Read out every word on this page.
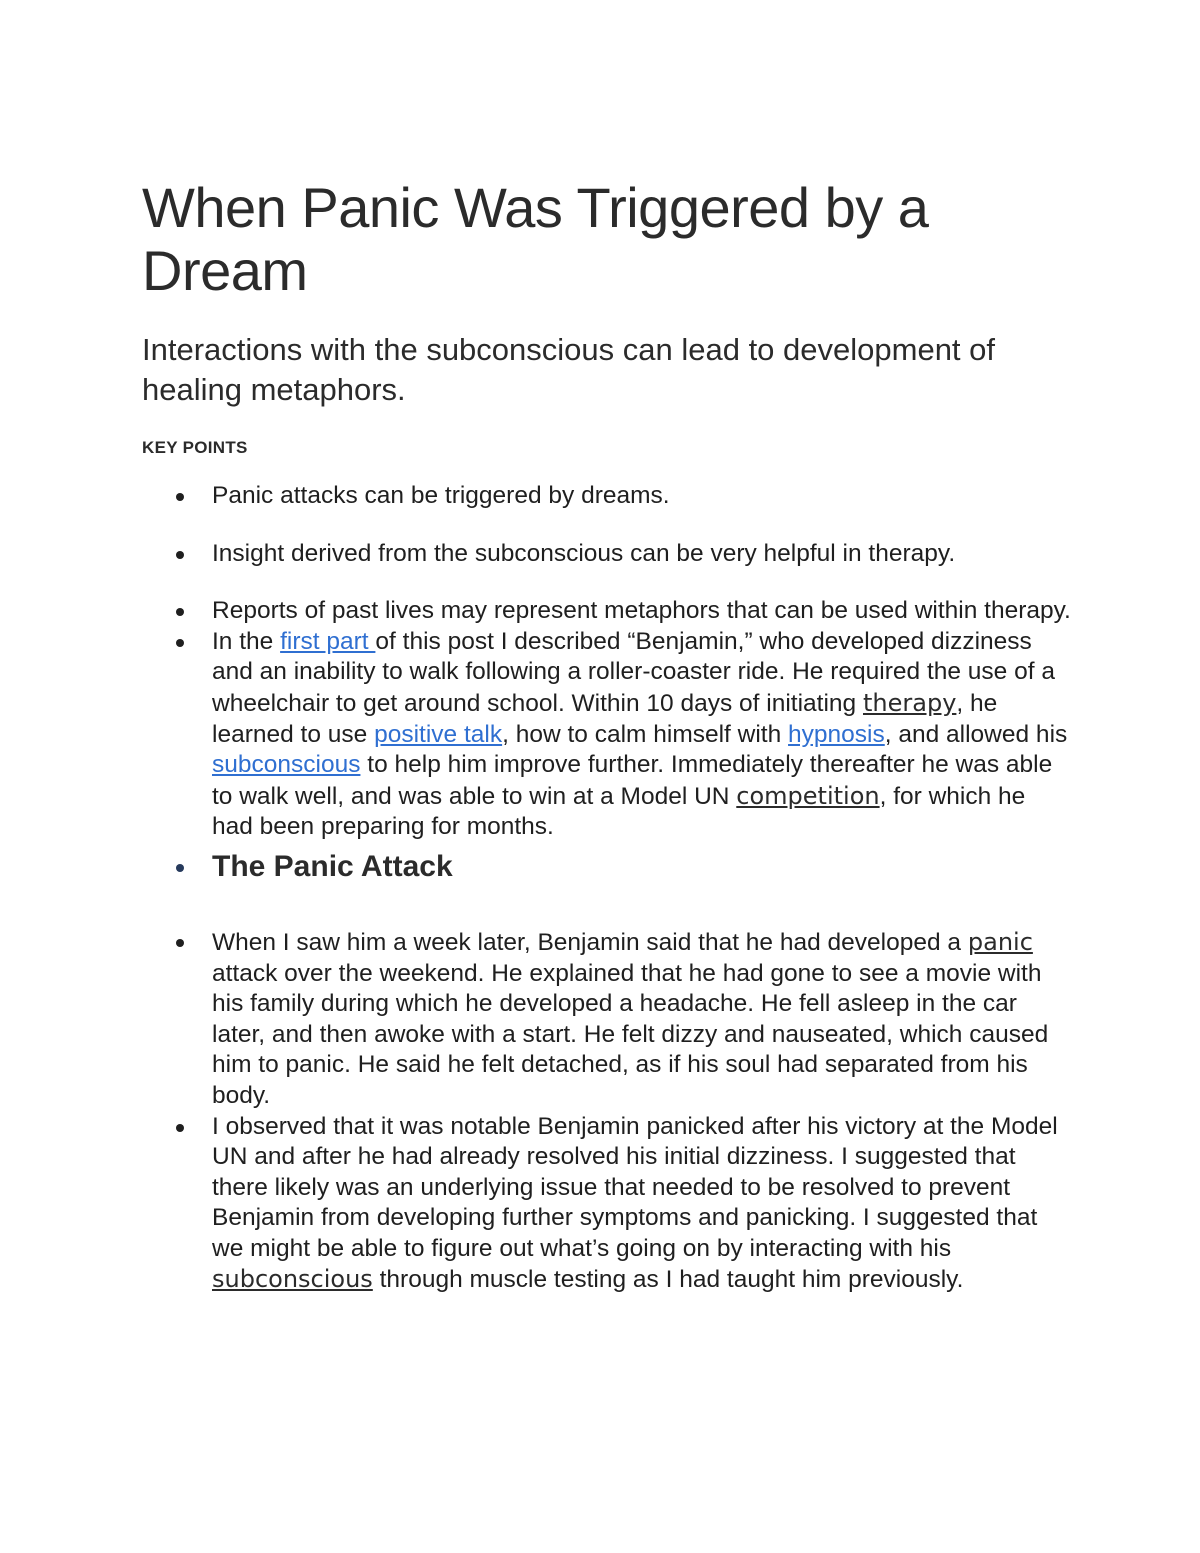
When Panic Was Triggered by a Dream

Interactions with the subconscious can lead to development of healing metaphors.

KEY POINTS
Panic attacks can be triggered by dreams.
Insight derived from the subconscious can be very helpful in therapy.
Reports of past lives may represent metaphors that can be used within therapy.
In the first part of this post I described “Benjamin,” who developed dizziness and an inability to walk following a roller-coaster ride. He required the use of a wheelchair to get around school. Within 10 days of initiating therapy, he learned to use positive talk, how to calm himself with hypnosis, and allowed his subconscious to help him improve further. Immediately thereafter he was able to walk well, and was able to win at a Model UN competition, for which he had been preparing for months.
The Panic Attack
When I saw him a week later, Benjamin said that he had developed a panic attack over the weekend. He explained that he had gone to see a movie with his family during which he developed a headache. He fell asleep in the car later, and then awoke with a start. He felt dizzy and nauseated, which caused him to panic. He said he felt detached, as if his soul had separated from his body.
I observed that it was notable Benjamin panicked after his victory at the Model UN and after he had already resolved his initial dizziness. I suggested that there likely was an underlying issue that needed to be resolved to prevent Benjamin from developing further symptoms and panicking. I suggested that we might be able to figure out what’s going on by interacting with his subconscious through muscle testing as I had taught him previously.
